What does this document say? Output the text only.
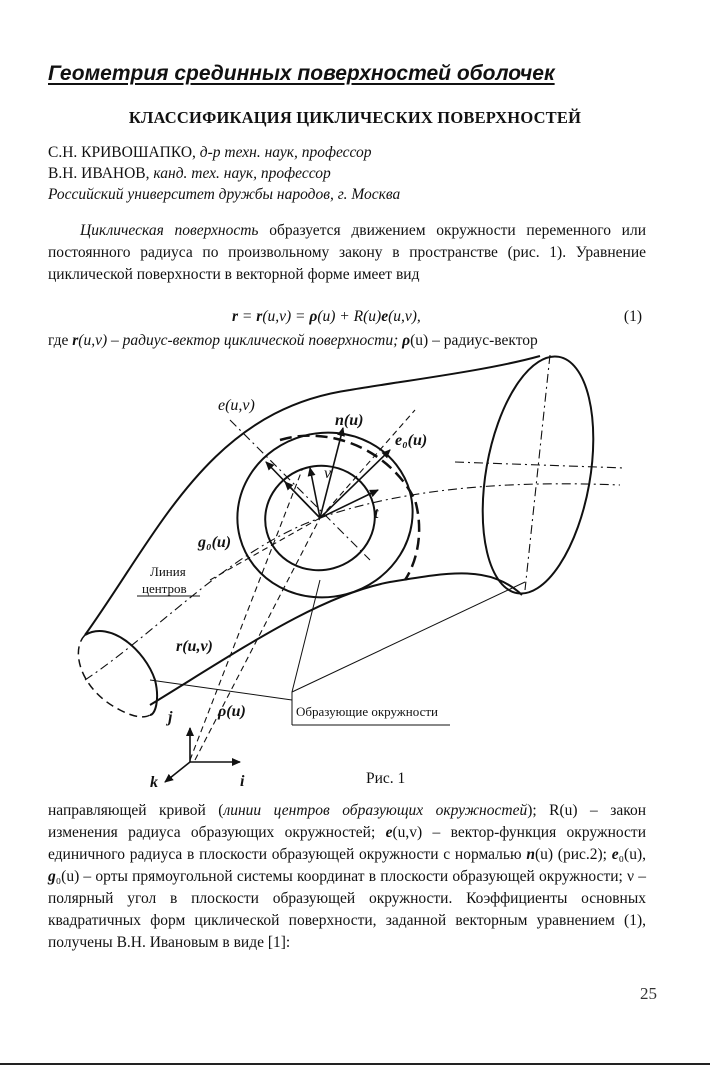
Геометрия срединных поверхностей оболочек
КЛАССИФИКАЦИЯ ЦИКЛИЧЕСКИХ ПОВЕРХНОСТЕЙ
С.Н. КРИВОШАПКО, д-р техн. наук, профессор
В.Н. ИВАНОВ, канд. тех. наук, профессор
Российский университет дружбы народов, г. Москва
Циклическая поверхность образуется движением окружности переменного или постоянного радиуса по произвольному закону в пространстве (рис. 1). Уравнение циклической поверхности в векторной форме имеет вид
r = r(u,v) = ρ(u) + R(u)e(u,v),	(1)
где r(u,v) – радиус-вектор циклической поверхности; ρ(u) – радиус-вектор
e(u,v)
n(u)
e₀(u)
g₀(u)
ν
t
r(u,v)
ρ(u)
j
k	i
Линия
центров
Образующие окружности
Рис. 1
направляющей кривой (линии центров образующих окружностей); R(u) – закон изменения радиуса образующих окружностей; e(u,v) – вектор-функция окружности единичного радиуса в плоскости образующей окружности с нормалью n(u) (рис.2); e₀(u), g₀(u) – орты прямоугольной системы координат в плоскости образующей окружности; ν – полярный угол в плоскости образующей окружности. Коэффициенты основных квадратичных форм циклической поверхности, заданной векторным уравнением (1), получены В.Н. Ивановым в виде [1]:
25
